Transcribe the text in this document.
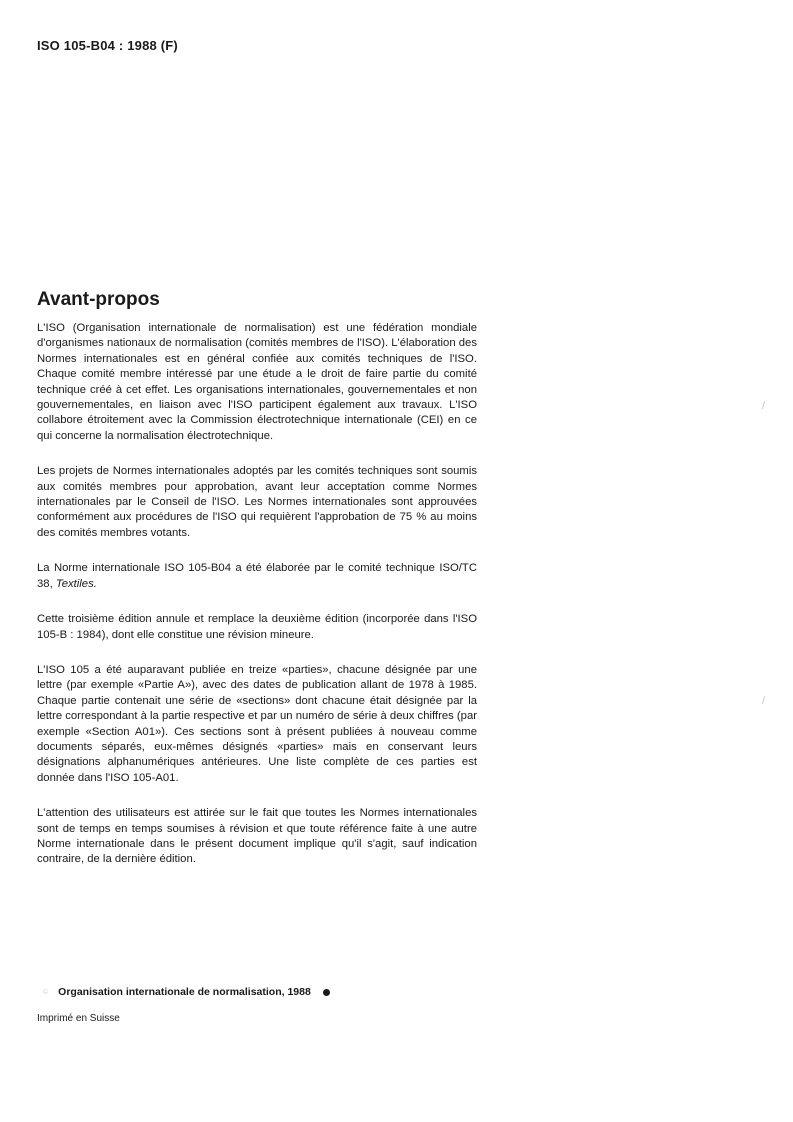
ISO 105-B04 : 1988 (F)
Avant-propos

L'ISO (Organisation internationale de normalisation) est une fédération mondiale d'organismes nationaux de normalisation (comités membres de l'ISO). L'élaboration des Normes internationales est en général confiée aux comités techniques de l'ISO. Chaque comité membre intéressé par une étude a le droit de faire partie du comité technique créé à cet effet. Les organisations internationales, gouvernementales et non gouvernementales, en liaison avec l'ISO participent également aux travaux. L'ISO collabore étroitement avec la Commission électrotechnique internationale (CEI) en ce qui concerne la normalisation électrotechnique.

Les projets de Normes internationales adoptés par les comités techniques sont soumis aux comités membres pour approbation, avant leur acceptation comme Normes internationales par le Conseil de l'ISO. Les Normes internationales sont approuvées conformément aux procédures de l'ISO qui requièrent l'approbation de 75 % au moins des comités membres votants.

La Norme internationale ISO 105-B04 a été élaborée par le comité technique ISO/TC 38, Textiles.

Cette troisième édition annule et remplace la deuxième édition (incorporée dans l'ISO 105-B : 1984), dont elle constitue une révision mineure.

L'ISO 105 a été auparavant publiée en treize «parties», chacune désignée par une lettre (par exemple «Partie A»), avec des dates de publication allant de 1978 à 1985. Chaque partie contenait une série de «sections» dont chacune était désignée par la lettre correspondant à la partie respective et par un numéro de série à deux chiffres (par exemple «Section A01»). Ces sections sont à présent publiées à nouveau comme documents séparés, eux-mêmes désignés «parties» mais en conservant leurs désignations alphanumériques antérieures. Une liste complète de ces parties est donnée dans l'ISO 105-A01.

L'attention des utilisateurs est attirée sur le fait que toutes les Normes internationales sont de temps en temps soumises à révision et que toute référence faite à une autre Norme internationale dans le présent document implique qu'il s'agit, sauf indication contraire, de la dernière édition.

© Organisation internationale de normalisation, 1988
Imprimé en Suisse
/
/
